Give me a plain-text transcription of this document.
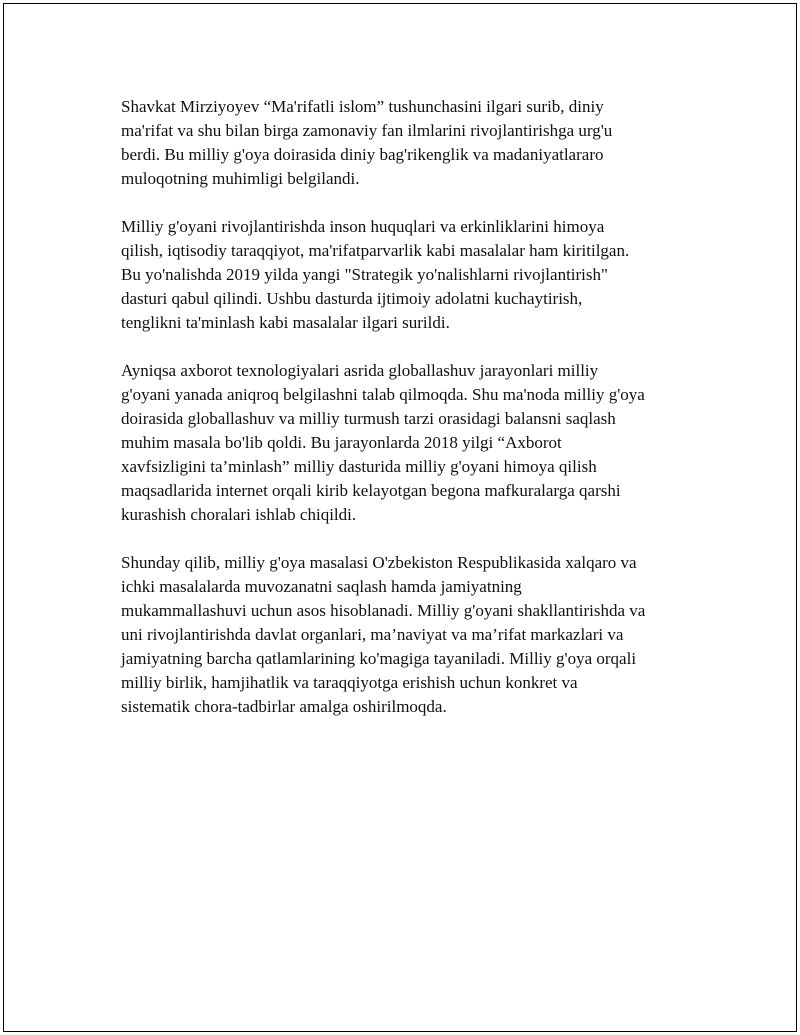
Shavkat Mirziyoyev “Ma'rifatli islom” tushunchasini ilgari surib, diniy
ma'rifat va shu bilan birga zamonaviy fan ilmlarini rivojlantirishga urg'u
berdi. Bu milliy g'oya doirasida diniy bag'rikenglik va madaniyatlararo
muloqotning muhimligi belgilandi.

Milliy g'oyani rivojlantirishda inson huquqlari va erkinliklarini himoya
qilish, iqtisodiy taraqqiyot, ma'rifatparvarlik kabi masalalar ham kiritilgan.
Bu yo'nalishda 2019 yilda yangi "Strategik yo'nalishlarni rivojlantirish"
dasturi qabul qilindi. Ushbu dasturda ijtimoiy adolatni kuchaytirish,
tenglikni ta'minlash kabi masalalar ilgari surildi.

Ayniqsa axborot texnologiyalari asrida globallashuv jarayonlari milliy
g'oyani yanada aniqroq belgilashni talab qilmoqda. Shu ma'noda milliy g'oya
doirasida globallashuv va milliy turmush tarzi orasidagi balansni saqlash
muhim masala bo'lib qoldi. Bu jarayonlarda 2018 yilgi “Axborot
xavfsizligini ta’minlash” milliy dasturida milliy g'oyani himoya qilish
maqsadlarida internet orqali kirib kelayotgan begona mafkuralarga qarshi
kurashish choralari ishlab chiqildi.

Shunday qilib, milliy g'oya masalasi O'zbekiston Respublikasida xalqaro va
ichki masalalarda muvozanatni saqlash hamda jamiyatning
mukammallashuvi uchun asos hisoblanadi. Milliy g'oyani shakllantirishda va
uni rivojlantirishda davlat organlari, ma’naviyat va ma’rifat markazlari va
jamiyatning barcha qatlamlarining ko'magiga tayaniladi. Milliy g'oya orqali
milliy birlik, hamjihatlik va taraqqiyotga erishish uchun konkret va
sistematik chora-tadbirlar amalga oshirilmoqda.
